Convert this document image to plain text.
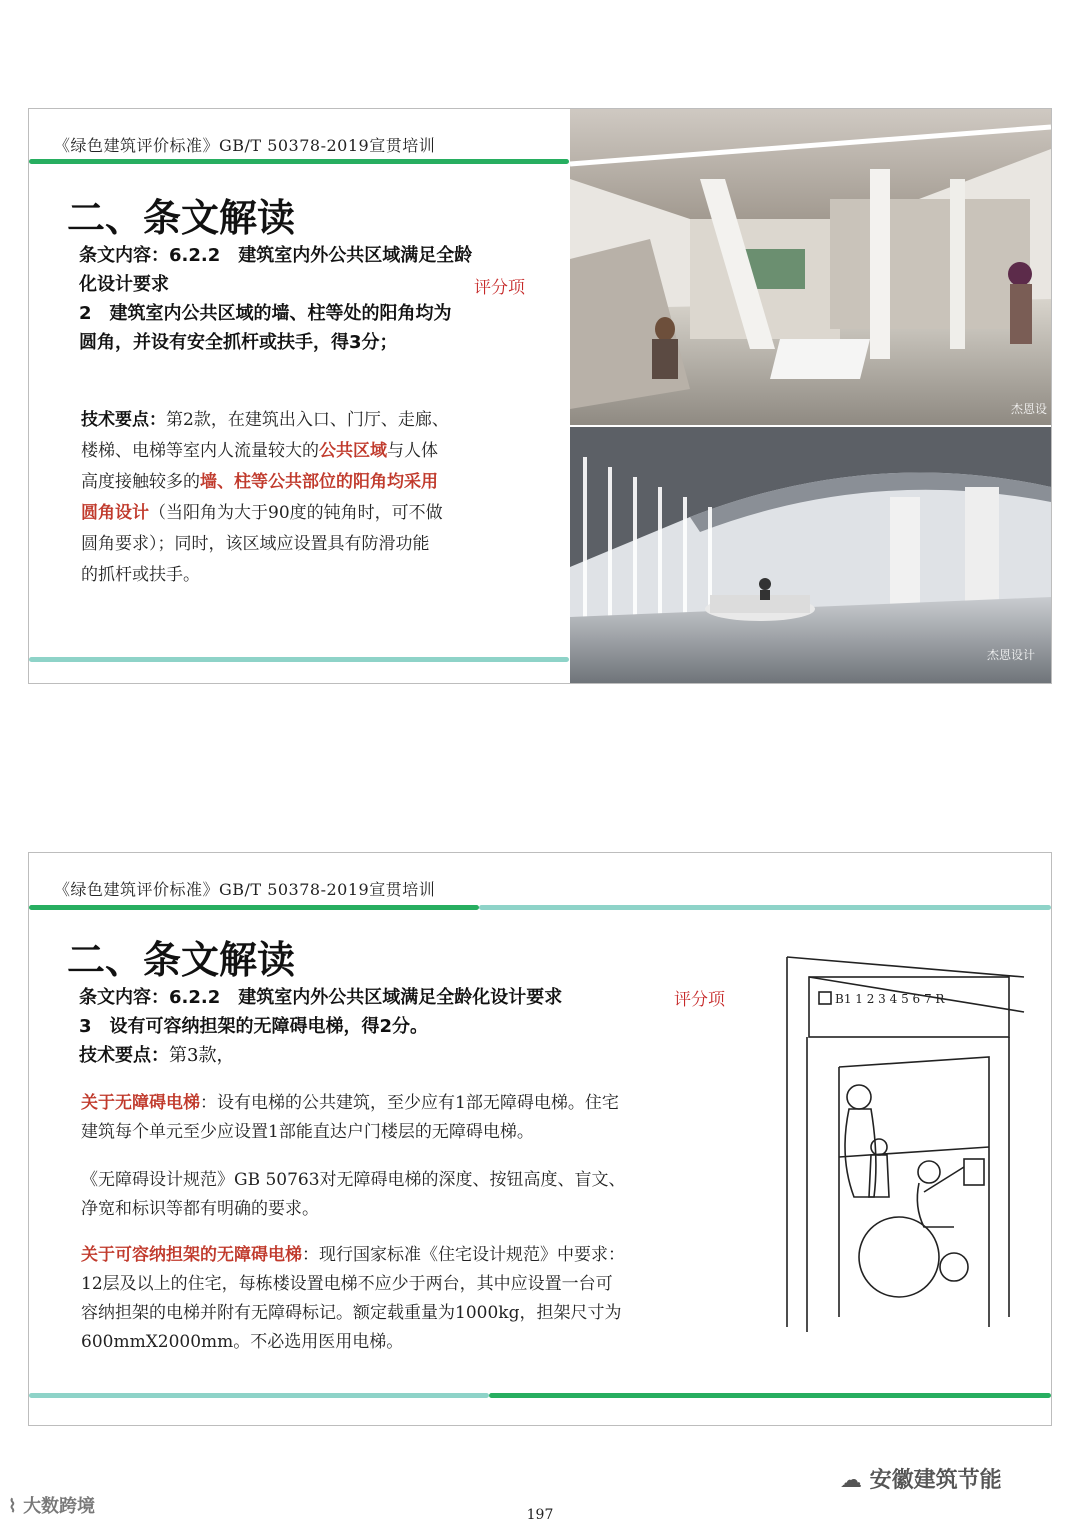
《绿色建筑评价标准》GB/T 50378-2019宣贯培训
二、条文解读
条文内容：6.2.2　建筑室内外公共区域满足全龄
化设计要求
2　建筑室内公共区域的墙、柱等处的阳角均为
圆角，并设有安全抓杆或扶手，得3分；
评分项
技术要点：第2款，在建筑出入口、门厅、走廊、
楼梯、电梯等室内人流量较大的公共区域与人体
高度接触较多的墙、柱等公共部位的阳角均采用
圆角设计（当阳角为大于90度的钝角时，可不做
圆角要求）；同时，该区域应设置具有防滑功能
的抓杆或扶手。
杰恩设
杰恩设计
《绿色建筑评价标准》GB/T 50378-2019宣贯培训
二、条文解读
条文内容：6.2.2　建筑室内外公共区域满足全龄化设计要求
3　设有可容纳担架的无障碍电梯，得2分。
技术要点：第3款，
评分项
关于无障碍电梯：设有电梯的公共建筑，至少应有1部无障碍电梯。住宅
建筑每个单元至少应设置1部能直达户门楼层的无障碍电梯。
《无障碍设计规范》GB 50763对无障碍电梯的深度、按钮高度、盲文、
净宽和标识等都有明确的要求。
关于可容纳担架的无障碍电梯：现行国家标准《住宅设计规范》中要求：
12层及以上的住宅，每栋楼设置电梯不应少于两台，其中应设置一台可
容纳担架的电梯并附有无障碍标记。额定载重量为1000kg，担架尺寸为
600mmX2000mm。不必选用医用电梯。
B1 1 2 3 4 5 6 7 R
⌇ 大数跨境
☁ 安徽建筑节能
197
